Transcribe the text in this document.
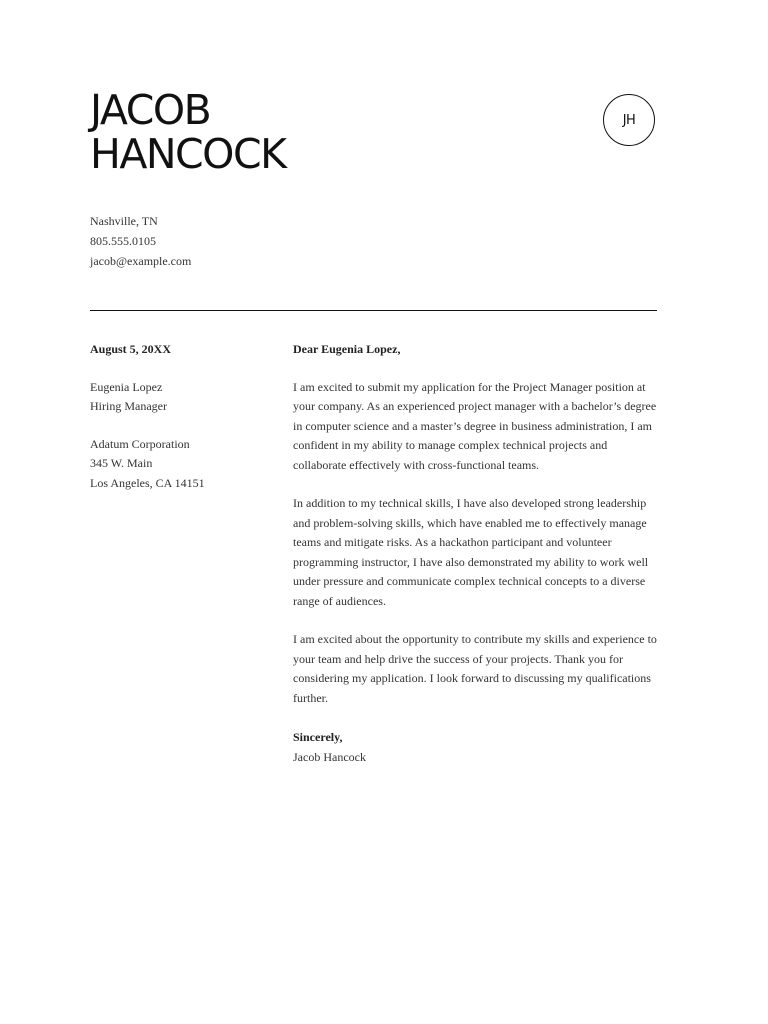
JACOB
HANCOCK
JH
Nashville, TN
805.555.0105
jacob@example.com
August 5, 20XX
Eugenia Lopez
Hiring Manager
Adatum Corporation
345 W. Main
Los Angeles, CA 14151
Dear Eugenia Lopez,

I am excited to submit my application for the Project Manager position at your company. As an experienced project manager with a bachelor’s degree in computer science and a master’s degree in business administration, I am confident in my ability to manage complex technical projects and collaborate effectively with cross-functional teams.

In addition to my technical skills, I have also developed strong leadership and problem-solving skills, which have enabled me to effectively manage teams and mitigate risks. As a hackathon participant and volunteer programming instructor, I have also demonstrated my ability to work well under pressure and communicate complex technical concepts to a diverse range of audiences.

I am excited about the opportunity to contribute my skills and experience to your team and help drive the success of your projects. Thank you for considering my application. I look forward to discussing my qualifications further.

Sincerely,
Jacob Hancock
